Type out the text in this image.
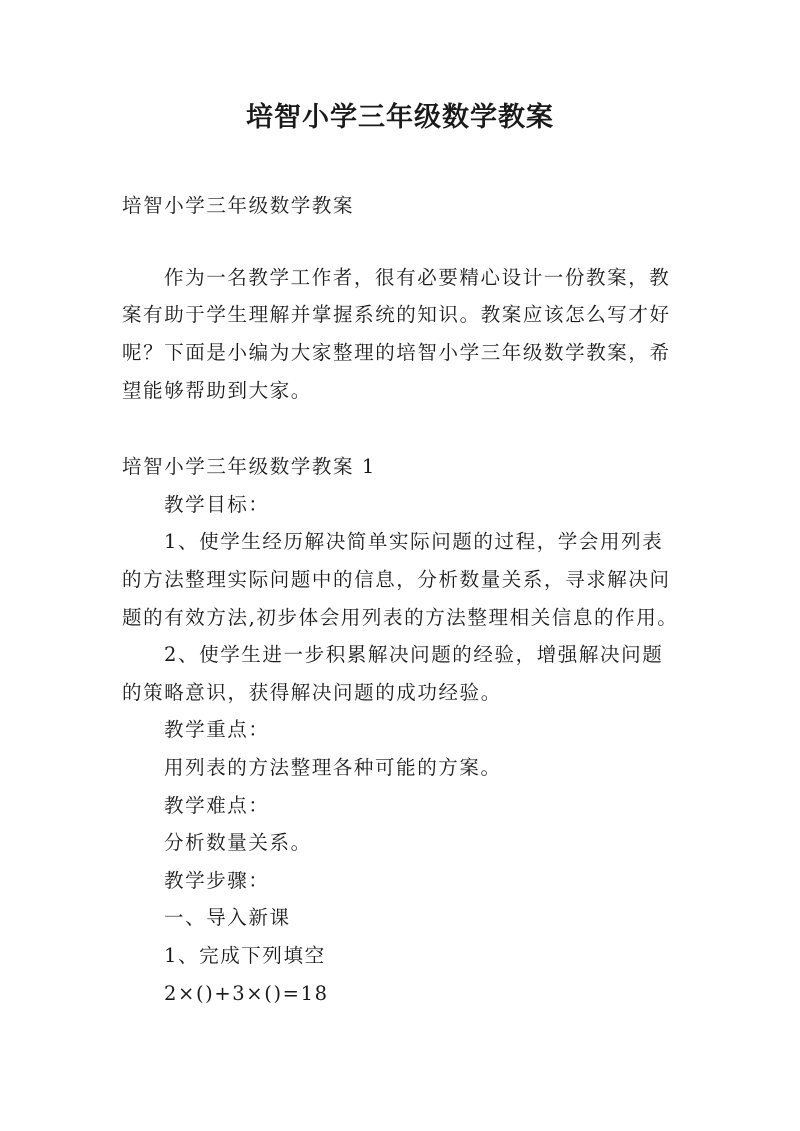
培智小学三年级数学教案
培智小学三年级数学教案
作为一名教学工作者，很有必要精心设计一份教案，教
案有助于学生理解并掌握系统的知识。教案应该怎么写才好
呢？下面是小编为大家整理的培智小学三年级数学教案，希
望能够帮助到大家。
培智小学三年级数学教案 1
教学目标：
1、使学生经历解决简单实际问题的过程，学会用列表
的方法整理实际问题中的信息，分析数量关系，寻求解决问
题的有效方法,初步体会用列表的方法整理相关信息的作用。
2、使学生进一步积累解决问题的经验，增强解决问题
的策略意识，获得解决问题的成功经验。
教学重点：
用列表的方法整理各种可能的方案。
教学难点：
分析数量关系。
教学步骤：
一、导入新课
1、完成下列填空
2×()+3×()=18
